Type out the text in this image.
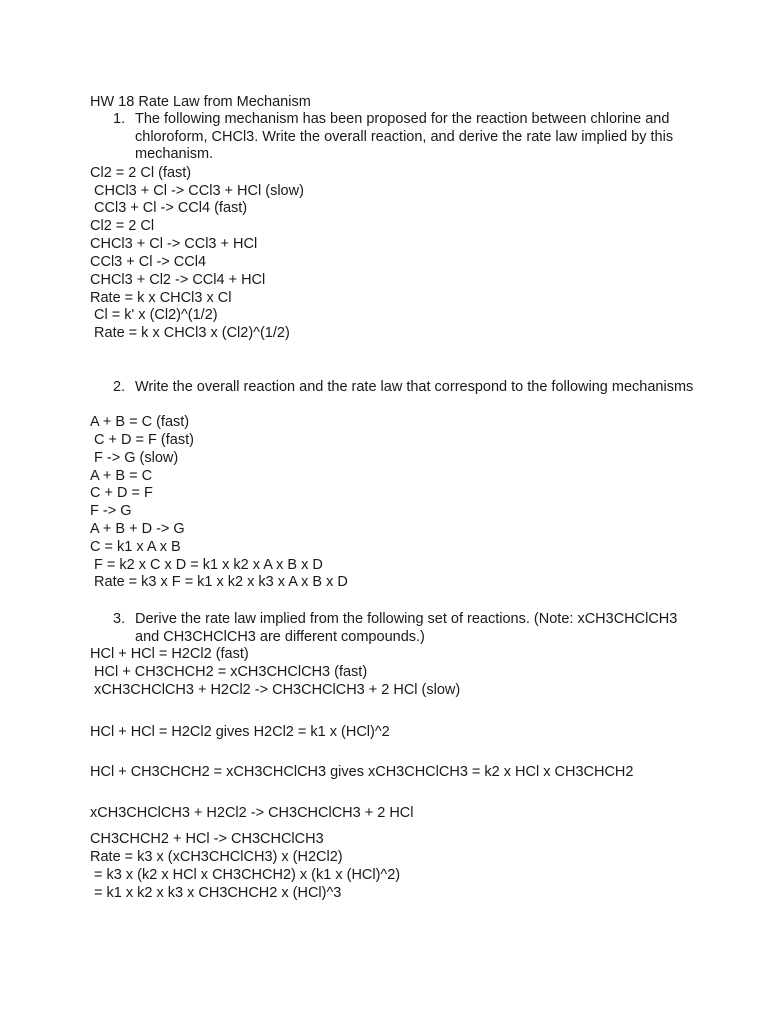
HW 18 Rate Law from Mechanism
1. The following mechanism has been proposed for the reaction between chlorine and chloroform, CHCl3. Write the overall reaction, and derive the rate law implied by this mechanism.
Cl2 = 2 Cl (fast)
CHCl3 + Cl -> CCl3 + HCl (slow)
CCl3 + Cl -> CCl4 (fast)
Cl2 = 2 Cl
CHCl3 + Cl -> CCl3 + HCl
CCl3 + Cl -> CCl4
CHCl3 + Cl2 -> CCl4 + HCl
Rate = k x CHCl3 x Cl
Cl = k' x (Cl2)^(1/2)
Rate = k x CHCl3 x (Cl2)^(1/2)
2. Write the overall reaction and the rate law that correspond to the following mechanisms
A + B = C (fast)
C + D = F (fast)
F -> G (slow)
A + B = C
C + D = F
F -> G
A + B + D -> G
C = k1 x A x B
F = k2 x C x D = k1 x k2 x A x B x D
Rate = k3 x F = k1 x k2 x k3 x A x B x D
3. Derive the rate law implied from the following set of reactions. (Note: xCH3CHClCH3 and CH3CHClCH3 are different compounds.)
HCl + HCl = H2Cl2 (fast)
HCl + CH3CHCH2 = xCH3CHClCH3 (fast)
xCH3CHClCH3 + H2Cl2 -> CH3CHClCH3 + 2 HCl (slow)
HCl + HCl = H2Cl2 gives H2Cl2 = k1 x (HCl)^2
HCl + CH3CHCH2 = xCH3CHClCH3 gives xCH3CHClCH3 = k2 x HCl x CH3CHCH2
xCH3CHClCH3 + H2Cl2 -> CH3CHClCH3 + 2 HCl
CH3CHCH2 + HCl -> CH3CHClCH3
Rate = k3 x (xCH3CHClCH3) x (H2Cl2)
= k3 x (k2 x HCl x CH3CHCH2) x (k1 x (HCl)^2)
= k1 x k2 x k3 x CH3CHCH2 x (HCl)^3
